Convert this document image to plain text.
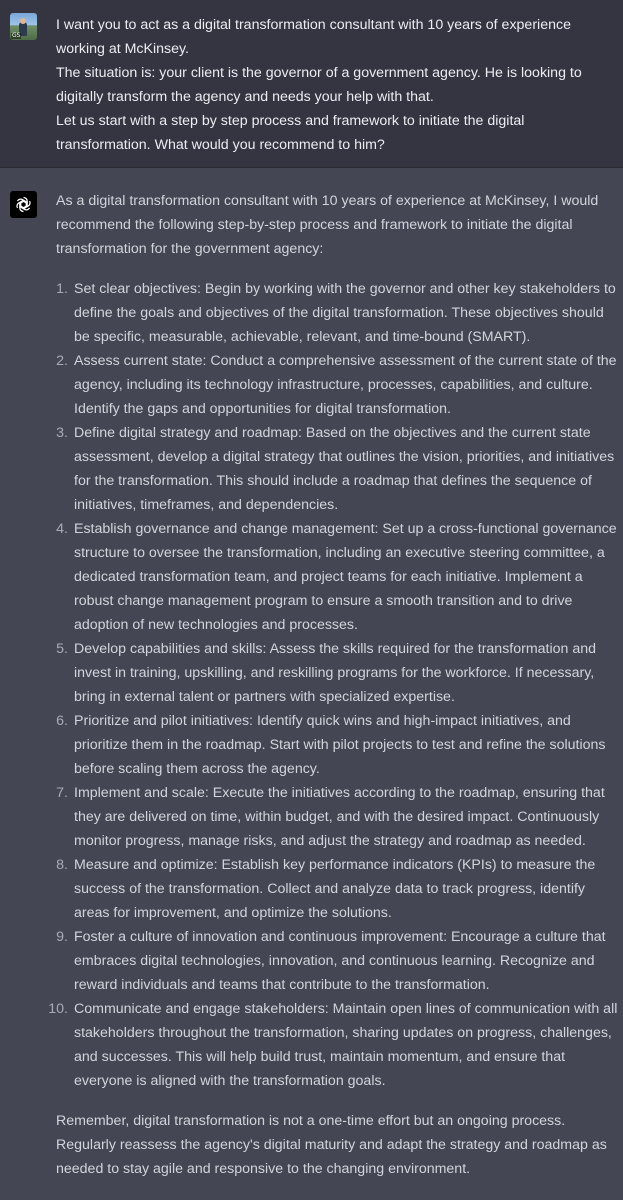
GS

I want you to act as a digital transformation consultant with 10 years of experience working at McKinsey.

The situation is: your client is the governor of a government agency. He is looking to digitally transform the agency and needs your help with that.

Let us start with a step by step process and framework to initiate the digital transformation. What would you recommend to him?

As a digital transformation consultant with 10 years of experience at McKinsey, I would recommend the following step-by-step process and framework to initiate the digital transformation for the government agency:

1. Set clear objectives: Begin by working with the governor and other key stakeholders to define the goals and objectives of the digital transformation. These objectives should be specific, measurable, achievable, relevant, and time-bound (SMART).
2. Assess current state: Conduct a comprehensive assessment of the current state of the agency, including its technology infrastructure, processes, capabilities, and culture. Identify the gaps and opportunities for digital transformation.
3. Define digital strategy and roadmap: Based on the objectives and the current state assessment, develop a digital strategy that outlines the vision, priorities, and initiatives for the transformation. This should include a roadmap that defines the sequence of initiatives, timeframes, and dependencies.
4. Establish governance and change management: Set up a cross-functional governance structure to oversee the transformation, including an executive steering committee, a dedicated transformation team, and project teams for each initiative. Implement a robust change management program to ensure a smooth transition and to drive adoption of new technologies and processes.
5. Develop capabilities and skills: Assess the skills required for the transformation and invest in training, upskilling, and reskilling programs for the workforce. If necessary, bring in external talent or partners with specialized expertise.
6. Prioritize and pilot initiatives: Identify quick wins and high-impact initiatives, and prioritize them in the roadmap. Start with pilot projects to test and refine the solutions before scaling them across the agency.
7. Implement and scale: Execute the initiatives according to the roadmap, ensuring that they are delivered on time, within budget, and with the desired impact. Continuously monitor progress, manage risks, and adjust the strategy and roadmap as needed.
8. Measure and optimize: Establish key performance indicators (KPIs) to measure the success of the transformation. Collect and analyze data to track progress, identify areas for improvement, and optimize the solutions.
9. Foster a culture of innovation and continuous improvement: Encourage a culture that embraces digital technologies, innovation, and continuous learning. Recognize and reward individuals and teams that contribute to the transformation.
10. Communicate and engage stakeholders: Maintain open lines of communication with all stakeholders throughout the transformation, sharing updates on progress, challenges, and successes. This will help build trust, maintain momentum, and ensure that everyone is aligned with the transformation goals.

Remember, digital transformation is not a one-time effort but an ongoing process. Regularly reassess the agency's digital maturity and adapt the strategy and roadmap as needed to stay agile and responsive to the changing environment.
